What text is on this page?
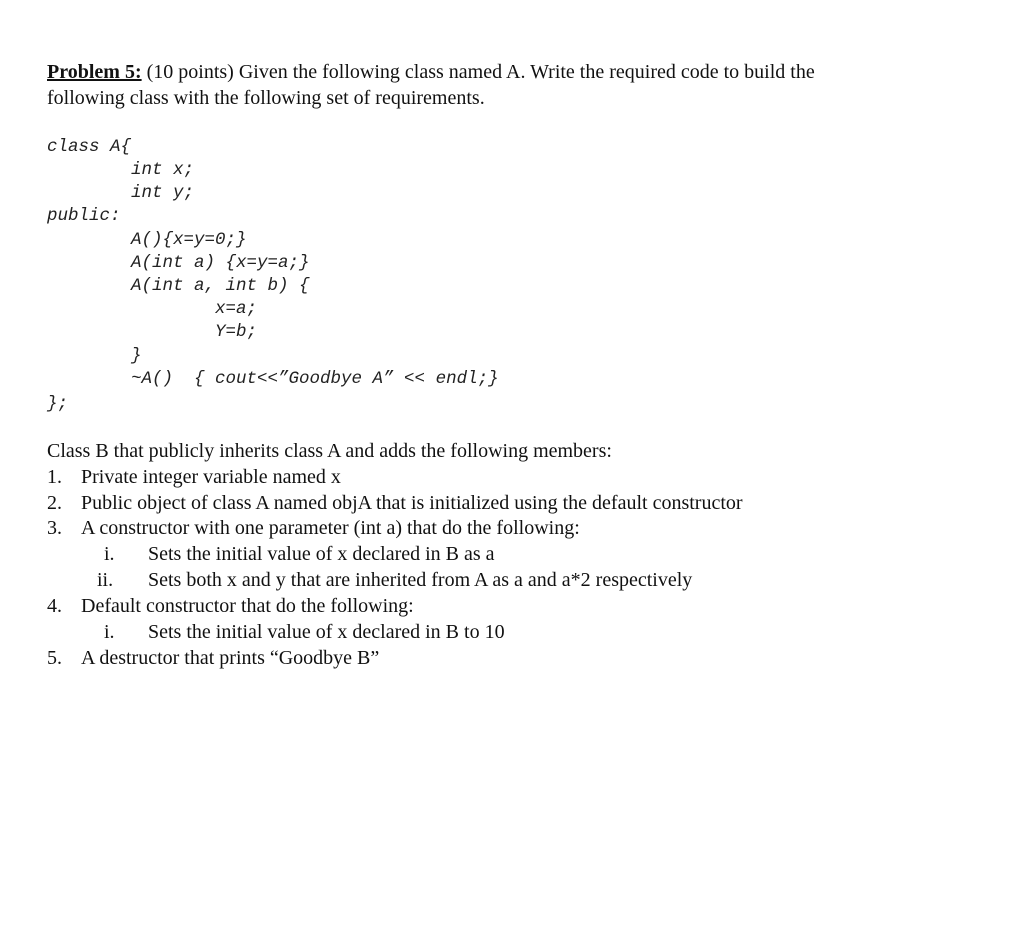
Problem 5: (10 points) Given the following class named A. Write the required code to build the
following class with the following set of requirements.
class A{
int x;
int y;
public:
A(){x=y=0;}
A(int a) {x=y=a;}
A(int a, int b) {
x=a;
Y=b;
}
~A()  { cout<<”Goodbye A” << endl;}
};
Class B that publicly inherits class A and adds the following members:
1. Private integer variable named x
2. Public object of class A named objA that is initialized using the default constructor
3. A constructor with one parameter (int a) that do the following:
i. Sets the initial value of x declared in B as a
ii. Sets both x and y that are inherited from A as a and a*2 respectively
4. Default constructor that do the following:
i. Sets the initial value of x declared in B to 10
5. A destructor that prints “Goodbye B”
